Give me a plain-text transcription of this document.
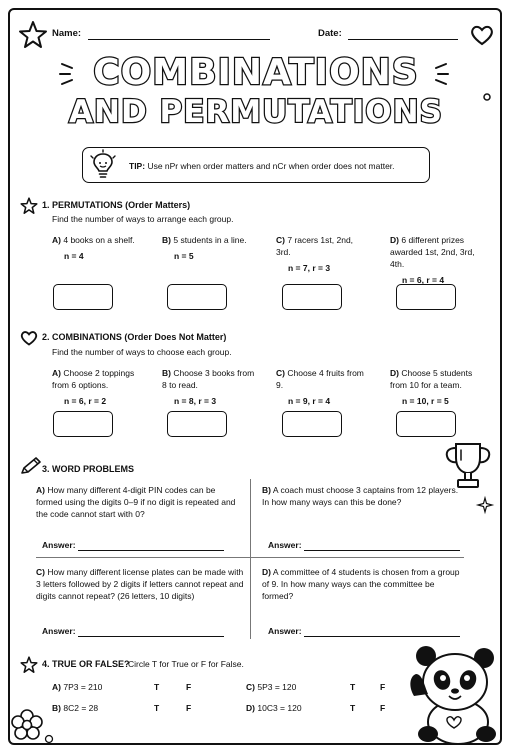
Name:	Date:
COMBINATIONS
AND PERMUTATIONS
TIP: Use nPr when order matters and nCr when order does not matter.
1. PERMUTATIONS (Order Matters)
Find the number of ways to arrange each group.
A) 4 books on a shelf.
n = 4
B) 5 students in a line.
n = 5
C) 7 racers 1st, 2nd, 3rd.
n = 7, r = 3
D) 6 different prizes awarded 1st, 2nd, 3rd, 4th.
n = 6, r = 4
2. COMBINATIONS (Order Does Not Matter)
Find the number of ways to choose each group.
A) Choose 2 toppings from 6 options.
n = 6, r = 2
B) Choose 3 books from 8 to read.
n = 8, r = 3
C) Choose 4 fruits from 9.
n = 9, r = 4
D) Choose 5 students from 10 for a team.
n = 10, r = 5
3. WORD PROBLEMS
A) How many different 4-digit PIN codes can be formed using the digits 0–9 if no digit is repeated and the code cannot start with 0?
B) A coach must choose 3 captains from 12 players. In how many ways can this be done?
Answer:	Answer:
C) How many different license plates can be made with 3 letters followed by 2 digits if letters cannot repeat and digits cannot repeat? (26 letters, 10 digits)
D) A committee of 4 students is chosen from a group of 9. In how many ways can the committee be formed?
Answer:	Answer:
4. TRUE OR FALSE?
Circle T for True or F for False.
A) 7P3 = 210	T	F	C) 5P3 = 120	T	F
B) 8C2 = 28	T	F	D) 10C3 = 120	T	F
